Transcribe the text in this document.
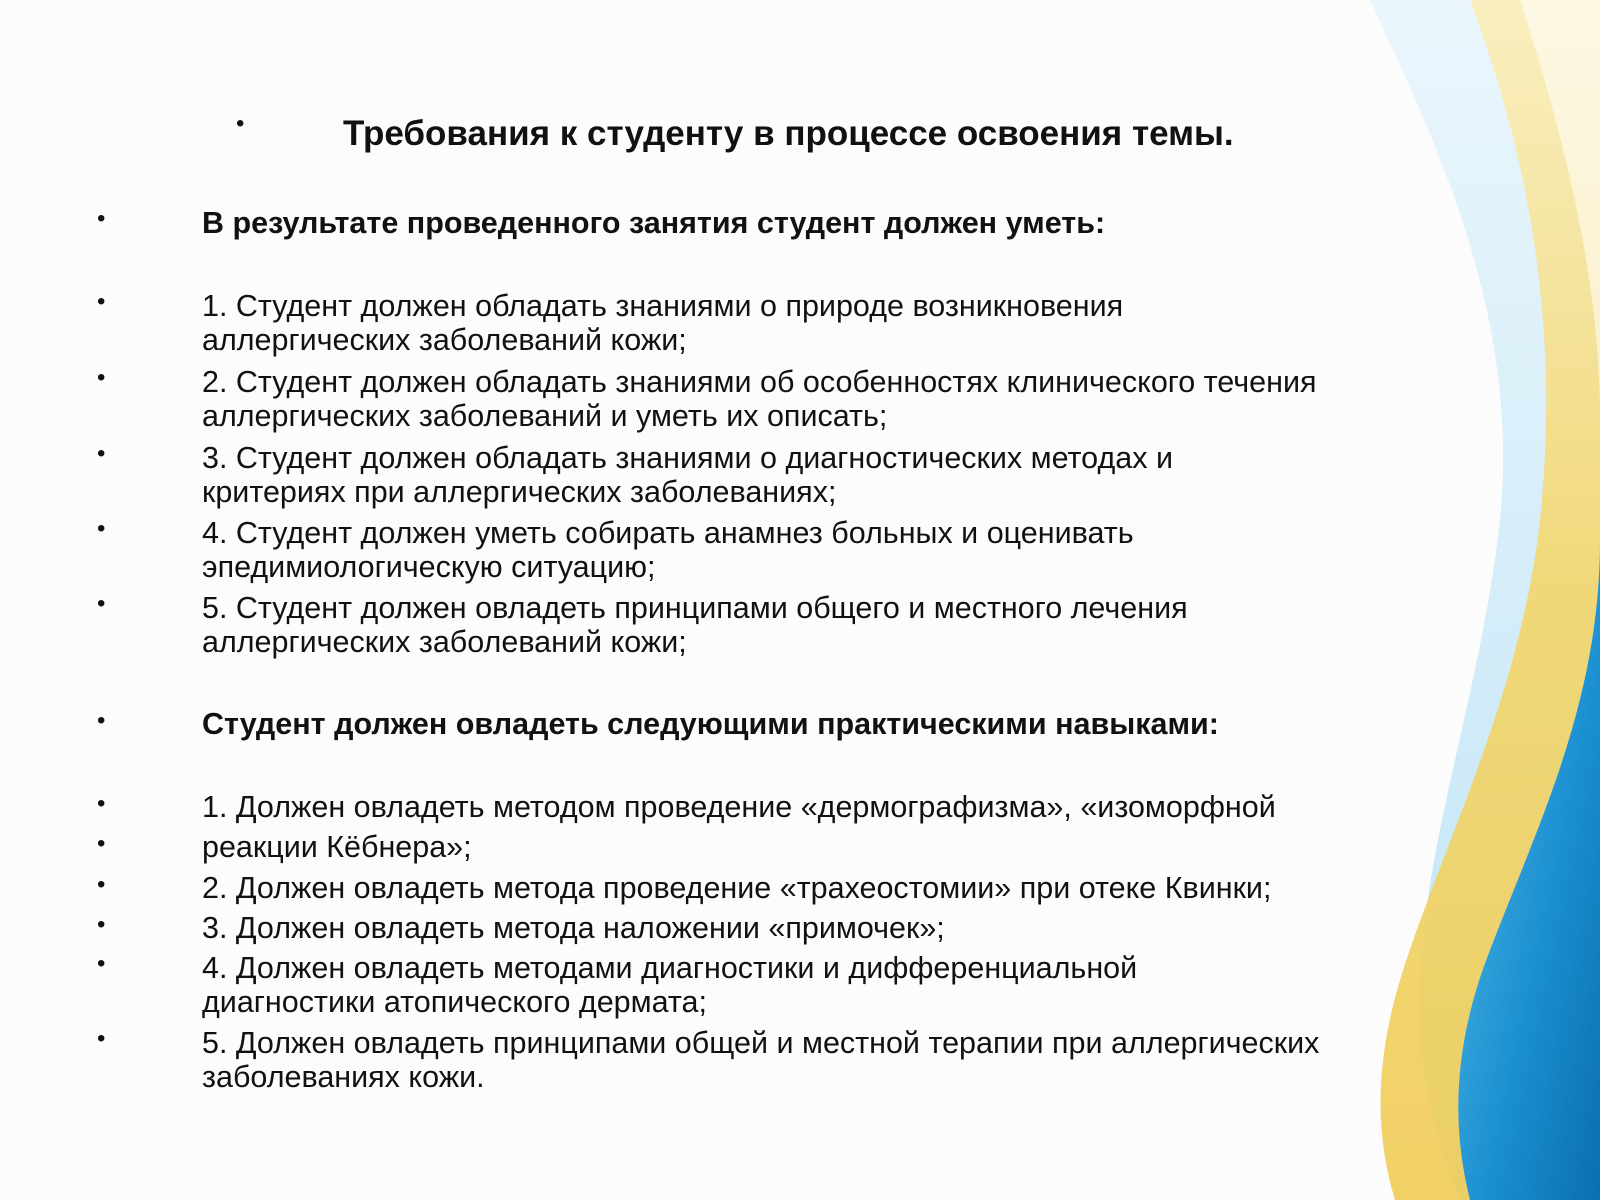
•	Требования к студенту в процессе освоения темы.
•	В результате проведенного занятия студент должен уметь:
•	1. Студент должен обладать знаниями о природе возникновения
аллергических заболеваний кожи;
•	2. Студент должен обладать знаниями об особенностях клинического течения
аллергических заболеваний и уметь их описать;
•	3. Студент должен обладать знаниями о диагностических методах и
критериях при аллергических заболеваниях;
•	4. Студент должен уметь собирать анамнез больных и оценивать
эпедимиологическую ситуацию;
•	5. Студент должен овладеть принципами общего и местного лечения
аллергических заболеваний кожи;
•	Студент должен овладеть следующими практическими навыками:
•	1. Должен овладеть методом проведение «дермографизма», «изоморфной
•	реакции Кёбнера»;
•	2. Должен овладеть метода проведение «трахеостомии» при отеке Квинки;
•	3. Должен овладеть метода наложении «примочек»;
•	4. Должен овладеть методами диагностики и дифференциальной
диагностики атопического дермата;
•	5. Должен овладеть принципами общей и местной терапии при аллергических
заболеваниях кожи.
